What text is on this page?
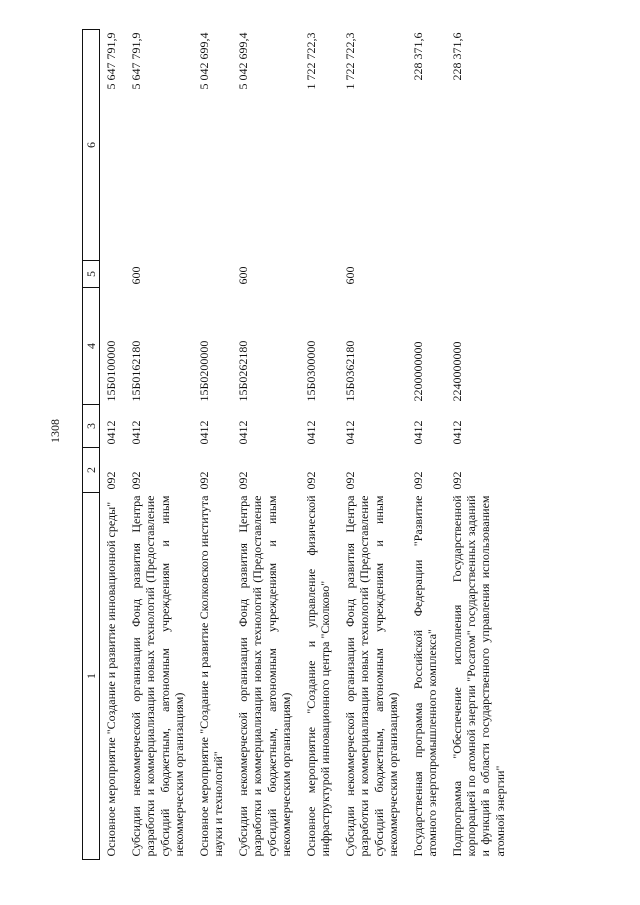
1308
1	2	3	4	5	6
Основное мероприятие "Создание и развитие инновационной среды"	092	0412	15Б0100000		5 647 791,9
Субсидии некоммерческой организации Фонд развития Центра разработки и коммерциализации новых технологий (Предоставление субсидий бюджетным, автономным учреждениям и иным некоммерческим организациям)	092	0412	15Б0162180	600	5 647 791,9
Основное мероприятие "Создание и развитие Сколковского института науки и технологий"	092	0412	15Б0200000		5 042 699,4
Субсидии некоммерческой организации Фонд развития Центра разработки и коммерциализации новых технологий (Предоставление субсидий бюджетным, автономным учреждениям и иным некоммерческим организациям)	092	0412	15Б0262180	600	5 042 699,4
Основное мероприятие "Создание и управление физической инфраструктурой инновационного центра "Сколково"	092	0412	15Б0300000		1 722 722,3
Субсидии некоммерческой организации Фонд развития Центра разработки и коммерциализации новых технологий (Предоставление субсидий бюджетным, автономным учреждениям и иным некоммерческим организациям)	092	0412	15Б0362180	600	1 722 722,3
Государственная программа Российской Федерации "Развитие атомного энергопромышленного комплекса"	092	0412	2200000000		228 371,6
Подпрограмма "Обеспечение исполнения Государственной корпорацией по атомной энергии "Росатом" государственных заданий и функций в области государственного управления использованием атомной энергии"	092	0412	2240000000		228 371,6
